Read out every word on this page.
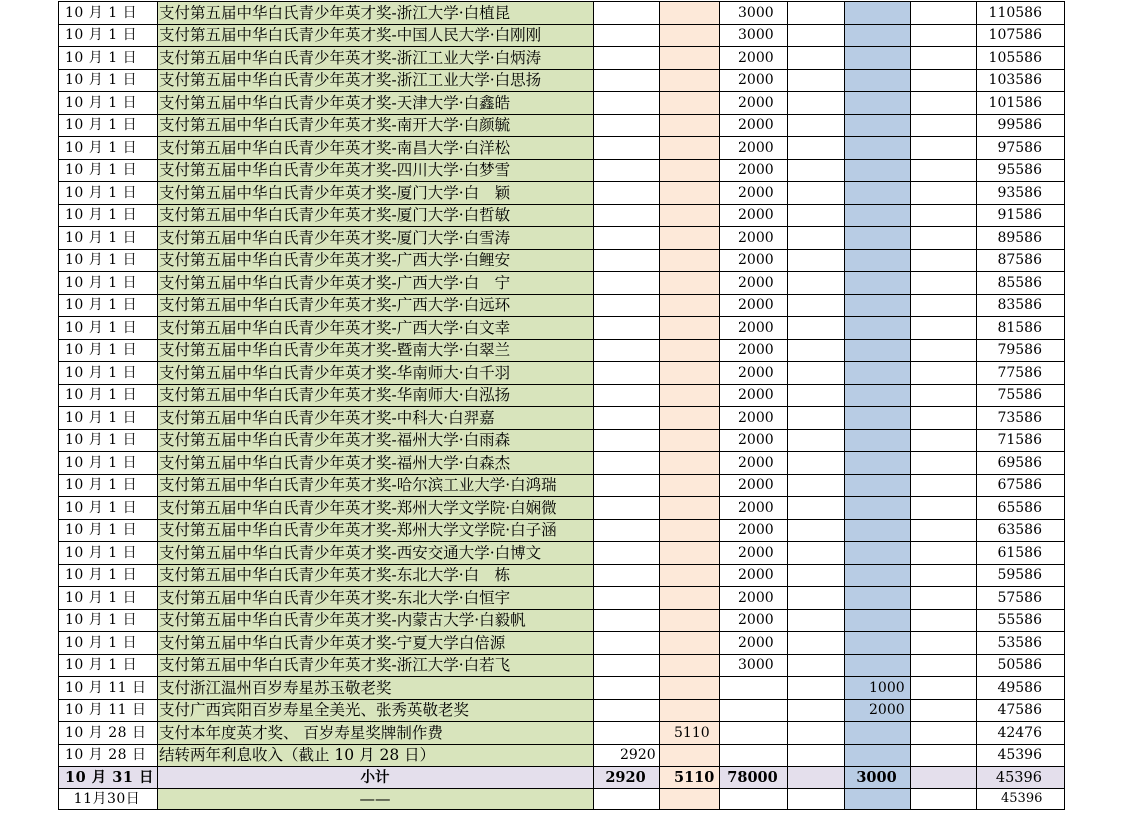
10 月 1 日	支付第五届中华白氏青少年英才奖-浙江大学·白植昆			3000				110586
10 月 1 日	支付第五届中华白氏青少年英才奖-中国人民大学·白刚刚			3000				107586
10 月 1 日	支付第五届中华白氏青少年英才奖-浙江工业大学·白炳涛			2000				105586
10 月 1 日	支付第五届中华白氏青少年英才奖-浙江工业大学·白思扬			2000				103586
10 月 1 日	支付第五届中华白氏青少年英才奖-天津大学·白鑫皓			2000				101586
10 月 1 日	支付第五届中华白氏青少年英才奖-南开大学·白颜毓			2000				99586
10 月 1 日	支付第五届中华白氏青少年英才奖-南昌大学·白洋松			2000				97586
10 月 1 日	支付第五届中华白氏青少年英才奖-四川大学·白梦雪			2000				95586
10 月 1 日	支付第五届中华白氏青少年英才奖-厦门大学·白　颖			2000				93586
10 月 1 日	支付第五届中华白氏青少年英才奖-厦门大学·白哲敏			2000				91586
10 月 1 日	支付第五届中华白氏青少年英才奖-厦门大学·白雪涛			2000				89586
10 月 1 日	支付第五届中华白氏青少年英才奖-广西大学·白鲤安			2000				87586
10 月 1 日	支付第五届中华白氏青少年英才奖-广西大学·白　宁			2000				85586
10 月 1 日	支付第五届中华白氏青少年英才奖-广西大学·白远环			2000				83586
10 月 1 日	支付第五届中华白氏青少年英才奖-广西大学·白文幸			2000				81586
10 月 1 日	支付第五届中华白氏青少年英才奖-暨南大学·白翠兰			2000				79586
10 月 1 日	支付第五届中华白氏青少年英才奖-华南师大·白千羽			2000				77586
10 月 1 日	支付第五届中华白氏青少年英才奖-华南师大·白泓扬			2000				75586
10 月 1 日	支付第五届中华白氏青少年英才奖-中科大·白羿嘉			2000				73586
10 月 1 日	支付第五届中华白氏青少年英才奖-福州大学·白雨森			2000				71586
10 月 1 日	支付第五届中华白氏青少年英才奖-福州大学·白森杰			2000				69586
10 月 1 日	支付第五届中华白氏青少年英才奖-哈尔滨工业大学·白鸿瑞			2000				67586
10 月 1 日	支付第五届中华白氏青少年英才奖-郑州大学文学院·白娴微			2000				65586
10 月 1 日	支付第五届中华白氏青少年英才奖-郑州大学文学院·白子涵			2000				63586
10 月 1 日	支付第五届中华白氏青少年英才奖-西安交通大学·白博文			2000				61586
10 月 1 日	支付第五届中华白氏青少年英才奖-东北大学·白　栋			2000				59586
10 月 1 日	支付第五届中华白氏青少年英才奖-东北大学·白恒宇			2000				57586
10 月 1 日	支付第五届中华白氏青少年英才奖-内蒙古大学·白毅帆			2000				55586
10 月 1 日	支付第五届中华白氏青少年英才奖-宁夏大学白倍源			2000				53586
10 月 1 日	支付第五届中华白氏青少年英才奖-浙江大学·白若飞			3000				50586
10 月 11 日	支付浙江温州百岁寿星苏玉敬老奖					1000		49586
10 月 11 日	支付广西宾阳百岁寿星全美光、张秀英敬老奖					2000		47586
10 月 28 日	支付本年度英才奖、 百岁寿星奖牌制作费		5110					42476
10 月 28 日	结转两年利息收入（截止 10 月 28 日）	2920						45396
10 月 31 日	小计	2920	5110	78000		3000		45396
11月30日	——							45396
